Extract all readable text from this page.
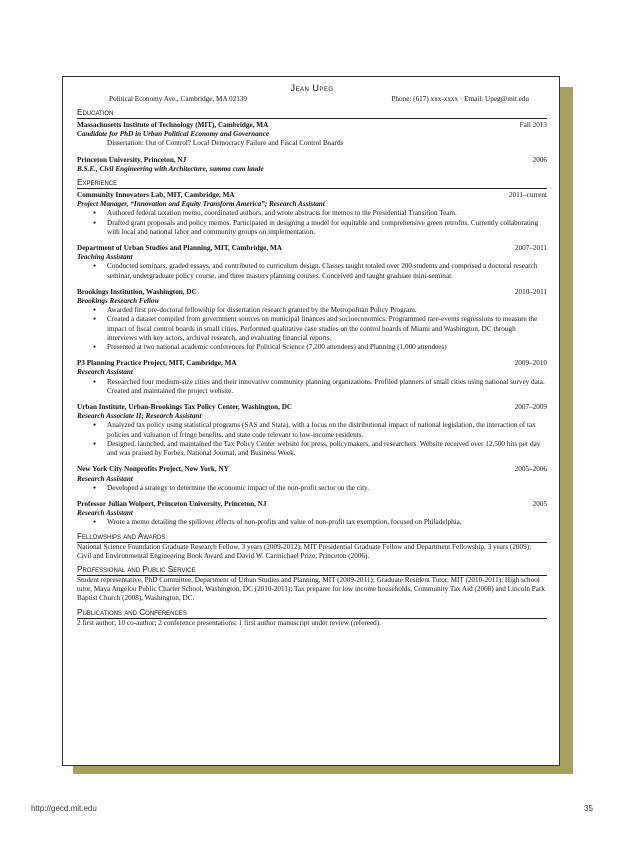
Jean Upeg
Political Economy Ave., Cambridge, MA 02139	Phone: (617) xxx-xxxx · Email: Upeg@mit.edu
Education
Massachusetts Institute of Technology (MIT), Cambridge, MA	Fall 2013
Candidate for PhD in Urban Political Economy and Governance
Dissertation: Out of Control? Local Democracy Failure and Fiscal Control Boards
Princeton University, Princeton, NJ	2006
B.S.E., Civil Engineering with Architecture, summa cum laude
Experience
Community Innovators Lab, MIT, Cambridge, MA	2011–current
Project Manager, “Innovation and Equity Transform America”; Research Assistant
● Authored federal taxation memo, coordinated authors, and wrote abstracts for memos to the Presidential Transition Team.
● Drafted grant proposals and policy memos. Participated in designing a model for equitable and comprehensive green retrofits. Currently collaborating with local and national labor and community groups on implementation.
Department of Urban Studies and Planning, MIT, Cambridge, MA	2007–2011
Teaching Assistant
● Conducted seminars, graded essays, and contributed to curriculum design. Classes taught totaled over 200 students and comprised a doctoral research seminar, undergraduate policy course, and three masters planning courses. Conceived and taught graduate mini-seminar.
Brookings Institution, Washington, DC	2010–2011
Brookings Research Fellow
● Awarded first pre-doctoral fellowship for dissertation research granted by the Metropolitan Policy Program.
● Created a dataset compiled from government sources on municipal finances and socioeconomics. Programmed rare-events regressions to measure the impact of fiscal control boards in small cities. Performed qualitative case studies on the control boards of Miami and Washington, DC through interviews with key actors, archival research, and evaluating financial reports.
● Presented at two national academic conferences for Political Science (7,200 attendees) and Planning (1,000 attendees)
P3 Planning Practice Project, MIT, Cambridge, MA	2009–2010
Research Assistant
● Researched four medium-size cities and their innovative community planning organizations. Profiled planners of small cities using national survey data. Created and maintained the project website.
Urban Institute, Urban-Brookings Tax Policy Center, Washington, DC	2007–2009
Research Associate II; Research Assistant
● Analyzed tax policy using statistical programs (SAS and Stata), with a focus on the distributional impact of national legislation, the interaction of tax policies and valuation of fringe benefits, and state code relevant to low-income residents.
● Designed, launched, and maintained the Tax Policy Center website for press, policymakers, and researchers. Website received over 12,500 hits per day and was praised by Forbes, National Journal, and Business Week.
New York City Nonprofits Project, New York, NY	2005–2006
Research Assistant
● Developed a strategy to determine the economic impact of the non-profit sector on the city.
Professor Julian Wolpert, Princeton University, Princeton, NJ	2005
Research Assistant
● Wrote a memo detailing the spillover effects of non-profits and value of non-profit tax exemption, focused on Philadelphia.
Fellowships and Awards
National Science Foundation Graduate Research Fellow, 3 years (2009-2012); MIT Presidential Graduate Fellow and Department Fellowship, 3 years (2009); Civil and Environmental Engineering Book Award and David W. Carmichael Prize, Princeton (2006).
Professional and Public Service
Student representative, PhD Committee, Department of Urban Studies and Planning, MIT (2009-2011); Graduate Resident Tutor, MIT (2010-2011); High school tutor, Maya Angelou Public Charter School, Washington, DC (2010-2011); Tax preparer for low income households, Community Tax Aid (2008) and Lincoln Park Baptist Church (2008), Washington, DC.
Publications and Conferences
2 first author; 10 co-author; 2 conference presentations; 1 first author manuscript under review (refereed).
http://gecd.mit.edu	35
